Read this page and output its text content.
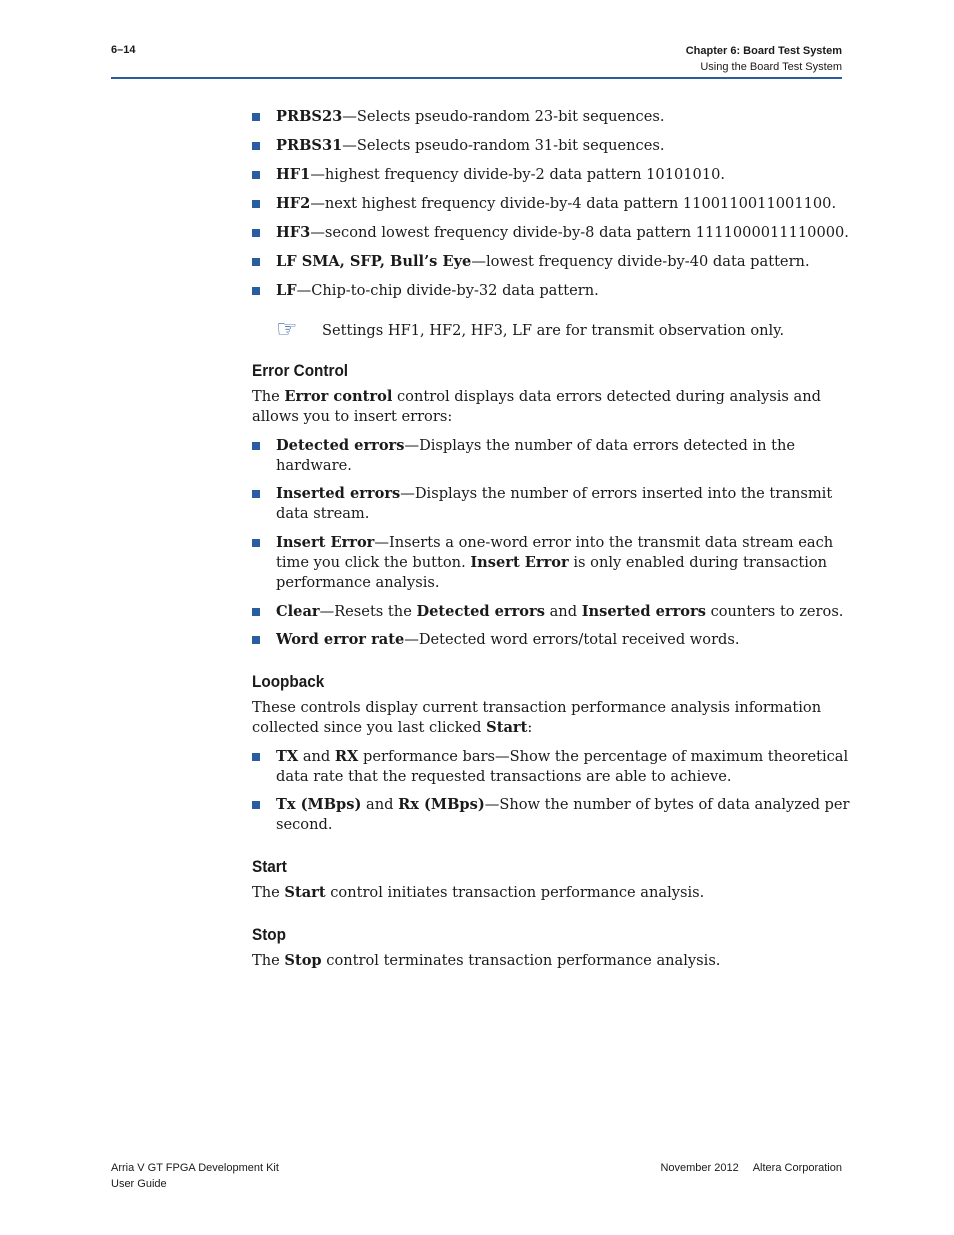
6–14	Chapter 6: Board Test System
Using the Board Test System
PRBS23—Selects pseudo-random 23-bit sequences.
PRBS31—Selects pseudo-random 31-bit sequences.
HF1—highest frequency divide-by-2 data pattern 10101010.
HF2—next highest frequency divide-by-4 data pattern 1100110011001100.
HF3—second lowest frequency divide-by-8 data pattern 1111000011110000.
LF SMA, SFP, Bull’s Eye—lowest frequency divide-by-40 data pattern.
LF—Chip-to-chip divide-by-32 data pattern.
☞ Settings HF1, HF2, HF3, LF are for transmit observation only.
Error Control

The Error control control displays data errors detected during analysis and allows you to insert errors:

Detected errors—Displays the number of data errors detected in the hardware.
Inserted errors—Displays the number of errors inserted into the transmit data stream.
Insert Error—Inserts a one-word error into the transmit data stream each time you click the button. Insert Error is only enabled during transaction performance analysis.
Clear—Resets the Detected errors and Inserted errors counters to zeros.
Word error rate—Detected word errors/total received words.
Loopback

These controls display current transaction performance analysis information collected since you last clicked Start:

TX and RX performance bars—Show the percentage of maximum theoretical data rate that the requested transactions are able to achieve.
Tx (MBps) and Rx (MBps)—Show the number of bytes of data analyzed per second.
Start

The Start control initiates transaction performance analysis.

Stop

The Stop control terminates transaction performance analysis.

Arria V GT FPGA Development Kit
User Guide
November 2012 Altera Corporation
